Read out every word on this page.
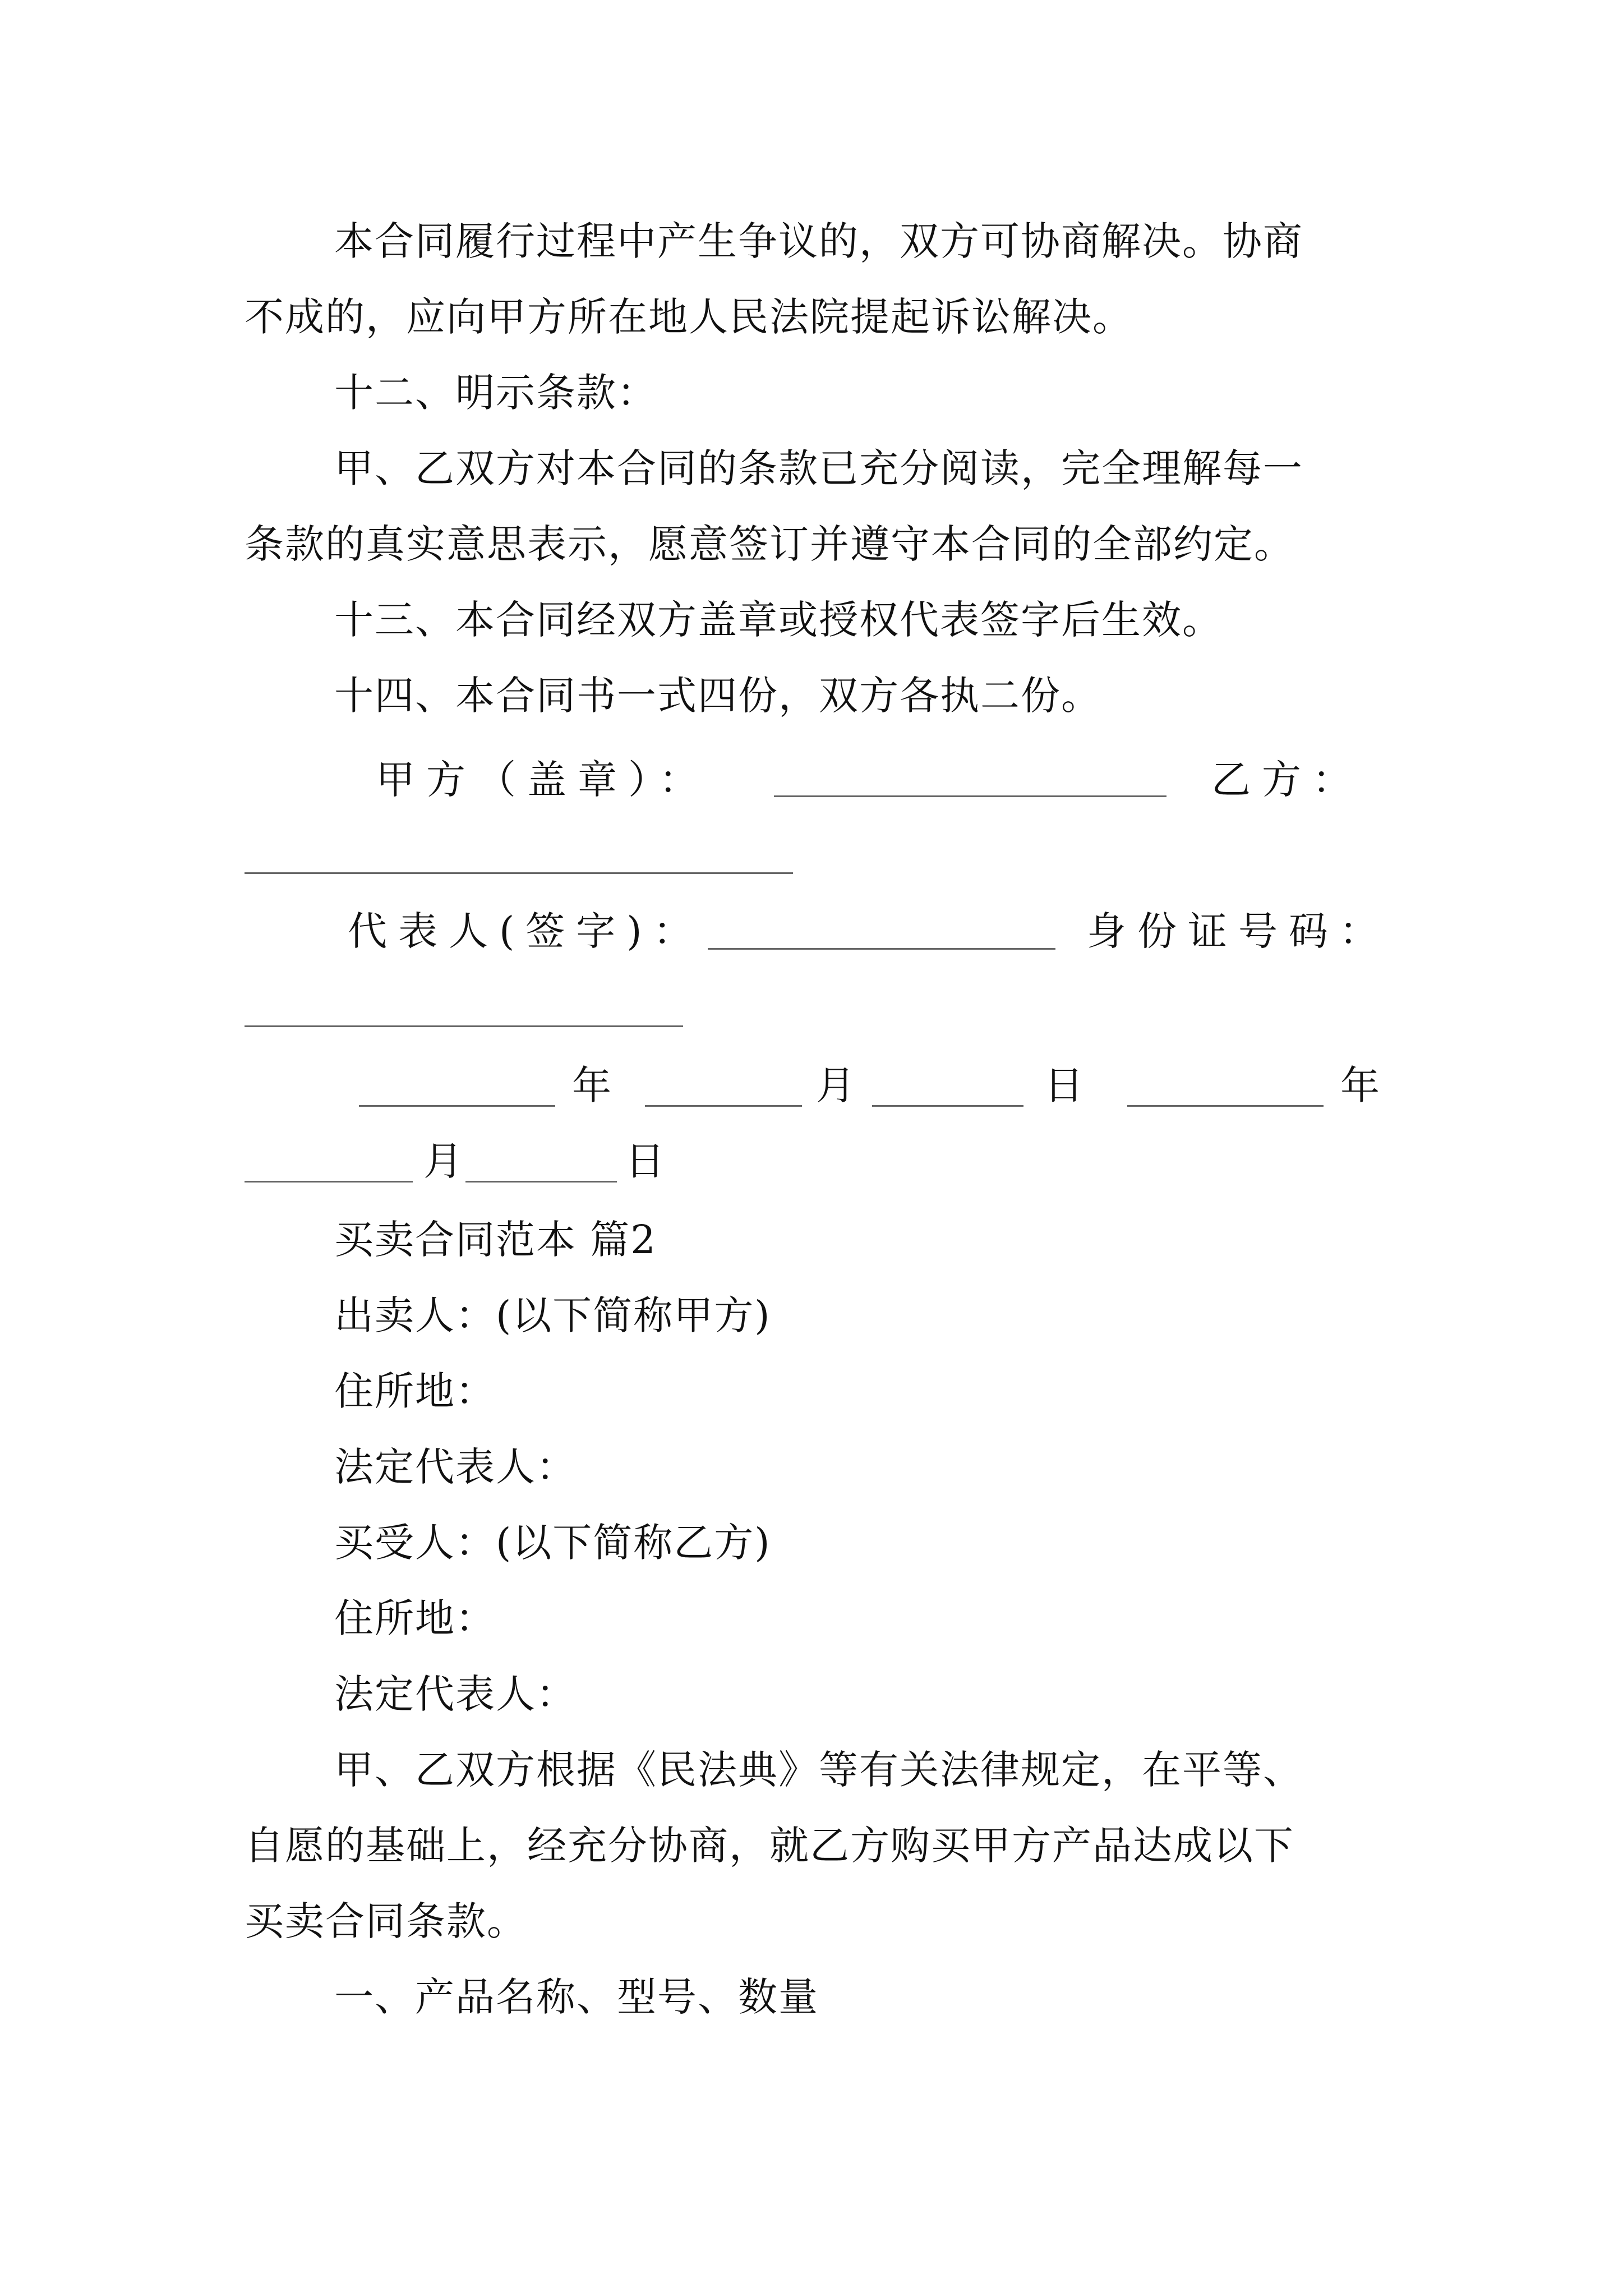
本合同履行过程中产生争议的，双方可协商解决。协商
不成的，应向甲方所在地人民法院提起诉讼解决。
十二、明示条款：
甲、乙双方对本合同的条款已充分阅读，完全理解每一
条款的真实意思表示，愿意签订并遵守本合同的全部约定。
十三、本合同经双方盖章或授权代表签字后生效。
十四、本合同书一式四份，双方各执二份。
甲方（盖章）：	乙方：
代表人(签字)：	身份证号码：
年	月	日	年
月	日
买卖合同范本 篇2
出卖人：(以下简称甲方)
住所地：
法定代表人：
买受人：(以下简称乙方)
住所地：
法定代表人：
甲、乙双方根据《民法典》等有关法律规定，在平等、
自愿的基础上，经充分协商，就乙方购买甲方产品达成以下
买卖合同条款。
一、产品名称、型号、数量
